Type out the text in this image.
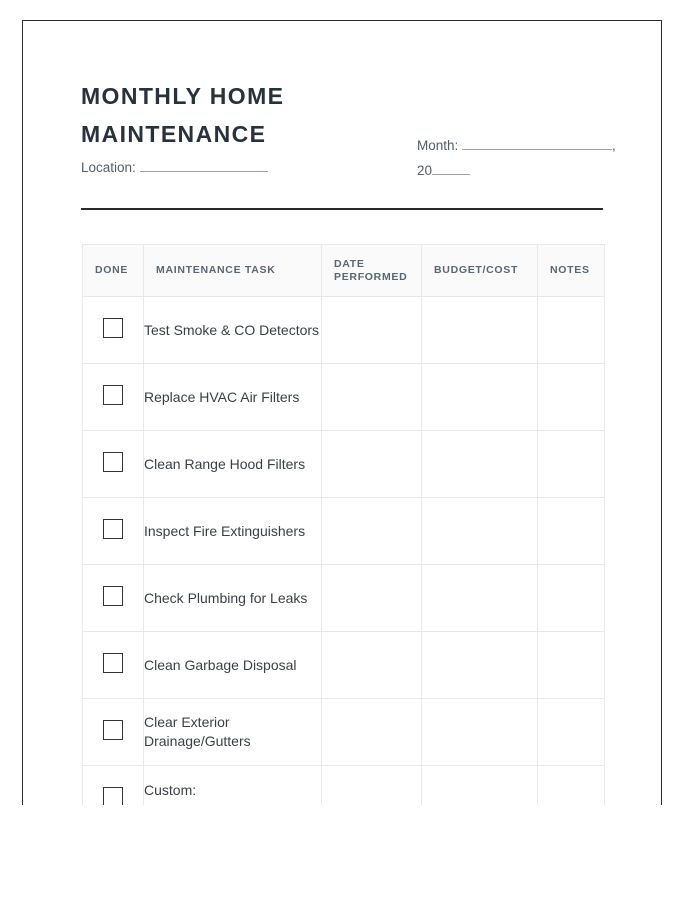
MONTHLY HOME MAINTENANCE
Location:
Month:	,
20
DONE	MAINTENANCE TASK	DATE PERFORMED	BUDGET/COST	NOTES
	Test Smoke & CO Detectors			
	Replace HVAC Air Filters			
	Clean Range Hood Filters			
	Inspect Fire Extinguishers			
	Check Plumbing for Leaks			
	Clean Garbage Disposal			
	Clear Exterior Drainage/Gutters			
	Custom:
